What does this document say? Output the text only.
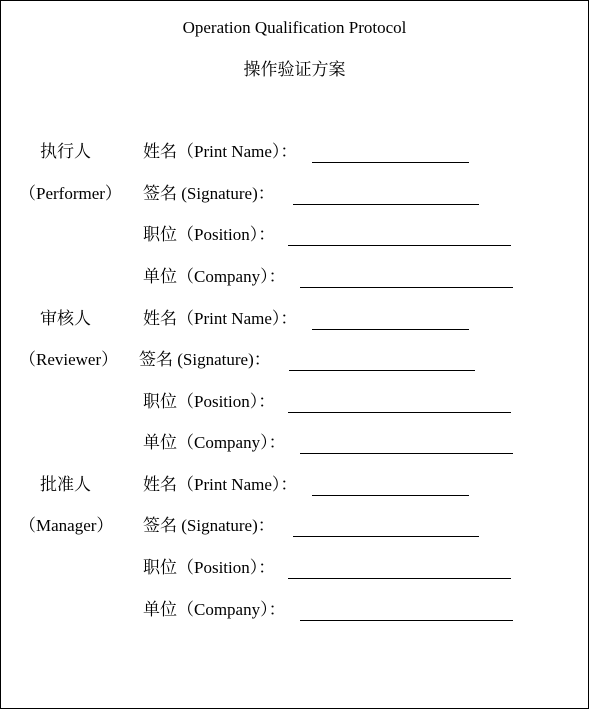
Operation Qualification Protocol
操作验证方案
执行人
（Performer）
姓名（Print Name）：
签名 (Signature)：
职位（Position）：
单位（Company）：
审核人
（Reviewer）
姓名（Print Name）：
签名 (Signature)：
职位（Position）：
单位（Company）：
批准人
（Manager）
姓名（Print Name）：
签名 (Signature)：
职位（Position）：
单位（Company）：
